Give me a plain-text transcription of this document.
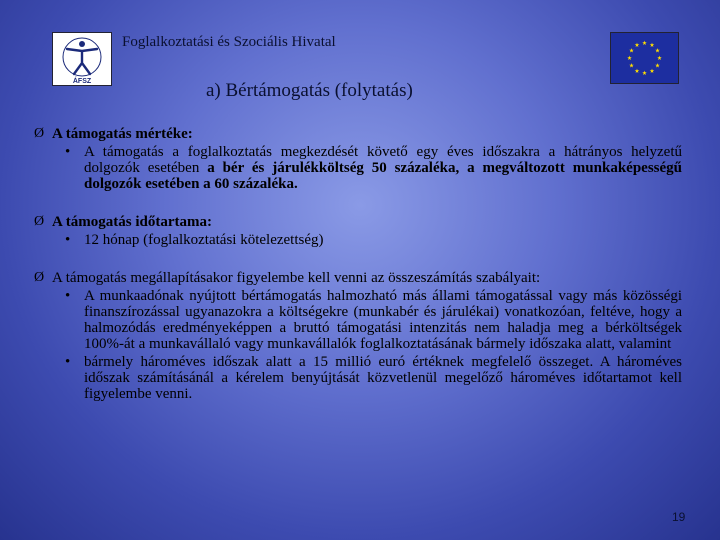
ÁFSZ
Foglalkoztatási és Szociális Hivatal
a) Bértámogatás (folytatás)
Ø A támogatás mértéke:
• A támogatás a foglalkoztatás megkezdését követő egy éves időszakra a hátrányos helyzetű dolgozók esetében a bér és járulékköltség 50 százaléka, a megváltozott munkaképességű dolgozók esetében a 60 százaléka.
Ø A támogatás időtartama:
• 12 hónap (foglalkoztatási kötelezettség)
Ø A támogatás megállapításakor figyelembe kell venni az összeszámítás szabályait:
• A munkaadónak nyújtott bértámogatás halmozható más állami támogatással vagy más közösségi finanszírozással ugyanazokra a költségekre (munkabér és járulékai) vonatkozóan, feltéve, hogy a halmozódás eredményeképpen a bruttó támogatási intenzitás nem haladja meg a bérköltségek 100%-át a munkavállaló vagy munkavállalók foglalkoztatásának bármely időszaka alatt, valamint
• bármely hároméves időszak alatt a 15 millió euró értéknek megfelelő összeget. A hároméves időszak számításánál a kérelem benyújtását közvetlenül megelőző hároméves időtartamot kell figyelembe venni.
19
